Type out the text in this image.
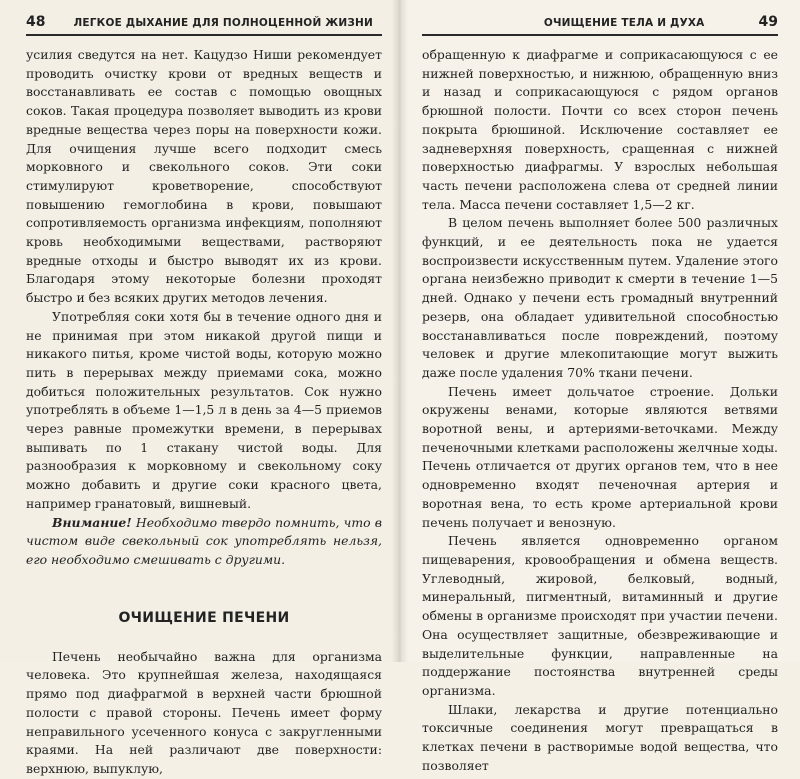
48	ЛЕГКОЕ ДЫХАНИЕ ДЛЯ ПОЛНОЦЕННОЙ ЖИЗНИ

усилия сведутся на нет. Кацудзо Ниши рекомендует проводить очистку крови от вредных веществ и восстанавливать ее состав с помощью овощных соков. Такая процедура позволяет выводить из крови вредные вещества через поры на поверхности кожи. Для очищения лучше всего подходит смесь морковного и свекольного соков. Эти соки стимулируют кроветворение, способствуют повышению гемоглобина в крови, повышают сопротивляемость организма инфекциям, пополняют кровь необходимыми веществами, растворяют вредные отходы и быстро выводят их из крови. Благодаря этому некоторые болезни проходят быстро и без всяких других методов лечения.

Употребляя соки хотя бы в течение одного дня и не принимая при этом никакой другой пищи и никакого питья, кроме чистой воды, которую можно пить в перерывах между приемами сока, можно добиться положительных результатов. Сок нужно употреблять в объеме 1—1,5 л в день за 4—5 приемов через равные промежутки времени, в перерывах выпивать по 1 стакану чистой воды. Для разнообразия к морковному и свекольному соку можно добавить и другие соки красного цвета, например гранатовый, вишневый.

Внимание! Необходимо твердо помнить, что в чистом виде свекольный сок употреблять нельзя, его необходимо смешивать с другими.

ОЧИЩЕНИЕ ПЕЧЕНИ

Печень необычайно важна для организма человека. Это крупнейшая железа, находящаяся прямо под диафрагмой в верхней части брюшной полости с правой стороны. Печень имеет форму неправильного усеченного конуса с закругленными краями. На ней различают две поверхности: верхнюю, выпуклую,

ОЧИЩЕНИЕ ТЕЛА И ДУХА	49

обращенную к диафрагме и соприкасающуюся с ее нижней поверхностью, и нижнюю, обращенную вниз и назад и соприкасающуюся с рядом органов брюшной полости. Почти со всех сторон печень покрыта брюшиной. Исключение составляет ее задневерхняя поверхность, сращенная с нижней поверхностью диафрагмы. У взрослых небольшая часть печени расположена слева от средней линии тела. Масса печени составляет 1,5—2 кг.

В целом печень выполняет более 500 различных функций, и ее деятельность пока не удается воспроизвести искусственным путем. Удаление этого органа неизбежно приводит к смерти в течение 1—5 дней. Однако у печени есть громадный внутренний резерв, она обладает удивительной способностью восстанавливаться после повреждений, поэтому человек и другие млекопитающие могут выжить даже после удаления 70% ткани печени.

Печень имеет дольчатое строение. Дольки окружены венами, которые являются ветвями воротной вены, и артериями-веточками. Между печеночными клетками расположены желчные ходы. Печень отличается от других органов тем, что в нее одновременно входят печеночная артерия и воротная вена, то есть кроме артериальной крови печень получает и венозную.

Печень является одновременно органом пищеварения, кровообращения и обмена веществ. Углеводный, жировой, белковый, водный, минеральный, пигментный, витаминный и другие обмены в организме происходят при участии печени. Она осуществляет защитные, обезвреживающие и выделительные функции, направленные на поддержание постоянства внутренней среды организма.

Шлаки, лекарства и другие потенциально токсичные соединения могут превращаться в клетках печени в растворимые водой вещества, что позволяет
